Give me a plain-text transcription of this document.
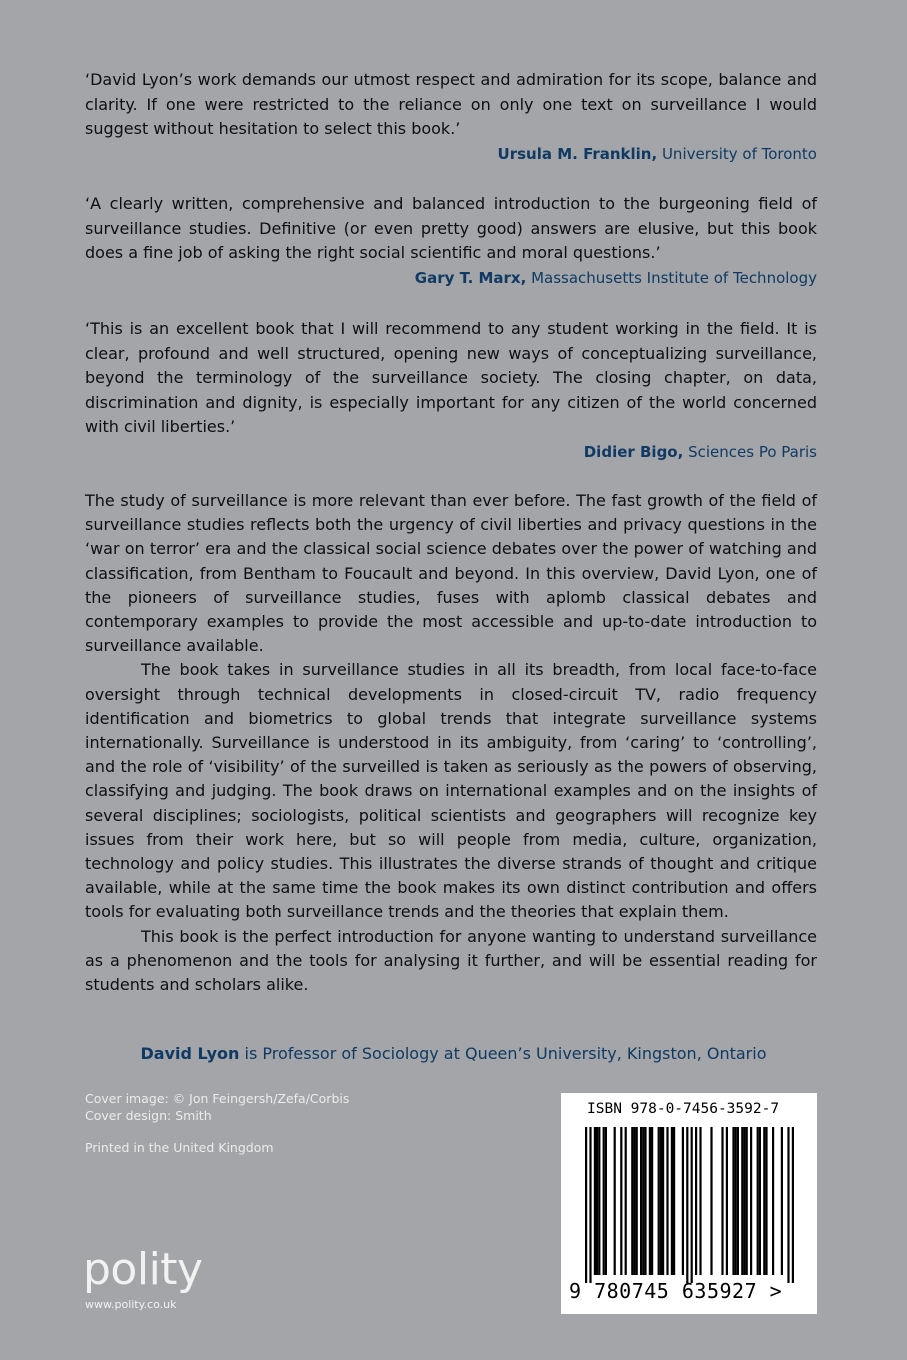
‘David Lyon’s work demands our utmost respect and admiration for its scope, balance and clarity. If one were restricted to the reliance on only one text on surveillance I would suggest without hesitation to select this book.’

Ursula M. Franklin, University of Toronto

‘A clearly written, comprehensive and balanced introduction to the burgeoning field of surveillance studies. Definitive (or even pretty good) answers are elusive, but this book does a fine job of asking the right social scientific and moral questions.’

Gary T. Marx, Massachusetts Institute of Technology

‘This is an excellent book that I will recommend to any student working in the field. It is clear, profound and well structured, opening new ways of conceptualizing surveillance, beyond the terminology of the surveillance society. The closing chapter, on data, discrimination and dignity, is especially important for any citizen of the world concerned with civil liberties.’

Didier Bigo, Sciences Po Paris

The study of surveillance is more relevant than ever before. The fast growth of the field of surveillance studies reflects both the urgency of civil liberties and privacy questions in the ‘war on terror’ era and the classical social science debates over the power of watching and classification, from Bentham to Foucault and beyond. In this overview, David Lyon, one of the pioneers of surveillance studies, fuses with aplomb classical debates and contemporary examples to provide the most accessible and up-to-date introduction to surveillance available.

The book takes in surveillance studies in all its breadth, from local face-to-face oversight through technical developments in closed-circuit TV, radio frequency identification and biometrics to global trends that integrate surveillance systems internationally. Surveillance is understood in its ambiguity, from ‘caring’ to ‘controlling’, and the role of ‘visibility’ of the surveilled is taken as seriously as the powers of observing, classifying and judging. The book draws on international examples and on the insights of several disciplines; sociologists, political scientists and geographers will recognize key issues from their work here, but so will people from media, culture, organization, technology and policy studies. This illustrates the diverse strands of thought and critique available, while at the same time the book makes its own distinct contribution and offers tools for evaluating both surveillance trends and the theories that explain them.

This book is the perfect introduction for anyone wanting to understand surveillance as a phenomenon and the tools for analysing it further, and will be essential reading for students and scholars alike.

David Lyon is Professor of Sociology at Queen’s University, Kingston, Ontario
Cover image: © Jon Feingersh/Zefa/Corbis
Cover design: Smith
Printed in the United Kingdom
polity
www.polity.co.uk
ISBN 978-0-7456-3592-7
9 780745 635927 >
